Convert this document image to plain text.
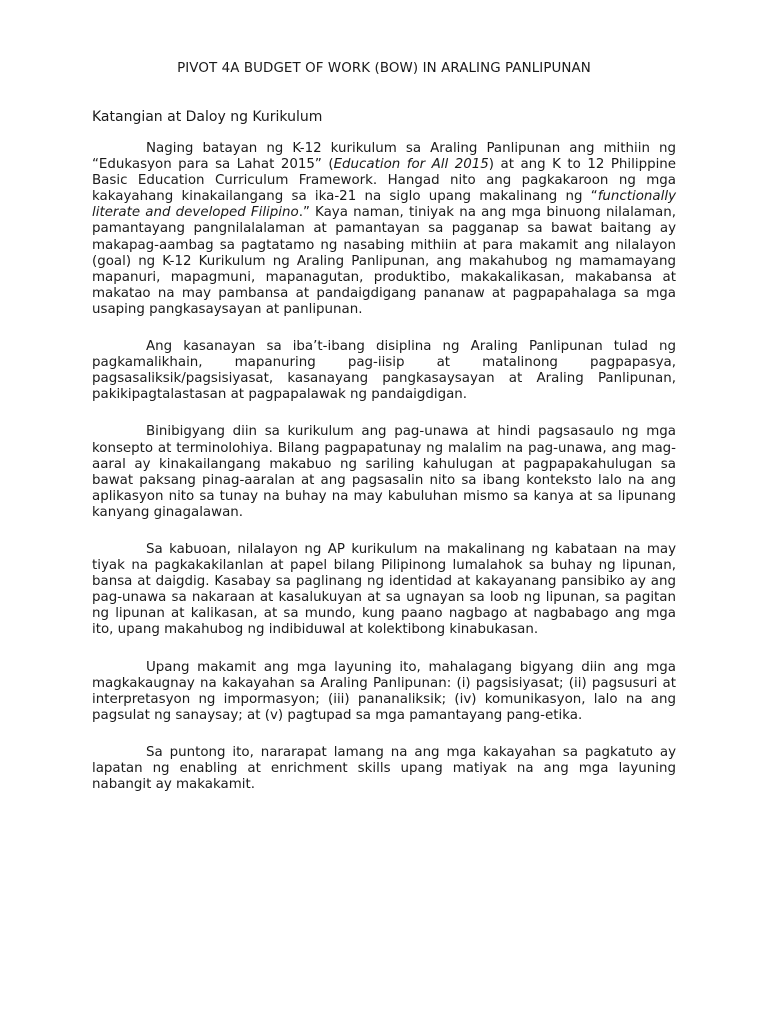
PIVOT 4A BUDGET OF WORK (BOW) IN ARALING PANLIPUNAN
Katangian at Daloy ng Kurikulum

Naging batayan ng K-12 kurikulum sa Araling Panlipunan ang mithiin ng “Edukasyon para sa Lahat 2015” (Education for All 2015) at ang K to 12 Philippine Basic Education Curriculum Framework. Hangad nito ang pagkakaroon ng mga kakayahang kinakailangang sa ika-21 na siglo upang makalinang ng “functionally literate and developed Filipino.” Kaya naman, tiniyak na ang mga binuong nilalaman, pamantayang pangnilalalaman at pamantayan sa pagganap sa bawat baitang ay makapag-aambag sa pagtatamo ng nasabing mithiin at para makamit ang nilalayon (goal) ng K-12 Kurikulum ng Araling Panlipunan, ang makahubog ng mamamayang mapanuri, mapagmuni, mapanagutan, produktibo, makakalikasan, makabansa at makatao na may pambansa at pandaigdigang pananaw at pagpapahalaga sa mga usaping pangkasaysayan at panlipunan.

Ang kasanayan sa iba’t-ibang disiplina ng Araling Panlipunan tulad ng pagkamalikhain, mapanuring pag-iisip at matalinong pagpapasya, pagsasaliksik/pagsisiyasat, kasanayang pangkasaysayan at Araling Panlipunan, pakikipagtalastasan at pagpapalawak ng pandaigdigan.

Binibigyang diin sa kurikulum ang pag-unawa at hindi pagsasaulo ng mga konsepto at terminolohiya. Bilang pagpapatunay ng malalim na pag-unawa, ang mag-aaral ay kinakailangang makabuo ng sariling kahulugan at pagpapakahulugan sa bawat paksang pinag-aaralan at ang pagsasalin nito sa ibang konteksto lalo na ang aplikasyon nito sa tunay na buhay na may kabuluhan mismo sa kanya at sa lipunang kanyang ginagalawan.

Sa kabuoan, nilalayon ng AP kurikulum na makalinang ng kabataan na may tiyak na pagkakakilanlan at papel bilang Pilipinong lumalahok sa buhay ng lipunan, bansa at daigdig. Kasabay sa paglinang ng identidad at kakayanang pansibiko ay ang pag-unawa sa nakaraan at kasalukuyan at sa ugnayan sa loob ng lipunan, sa pagitan ng lipunan at kalikasan, at sa mundo, kung paano nagbago at nagbabago ang mga ito, upang makahubog ng indibiduwal at kolektibong kinabukasan.

Upang makamit ang mga layuning ito, mahalagang bigyang diin ang mga magkakaugnay na kakayahan sa Araling Panlipunan: (i) pagsisiyasat; (ii) pagsusuri at interpretasyon ng impormasyon; (iii) pananaliksik; (iv) komunikasyon, lalo na ang pagsulat ng sanaysay; at (v) pagtupad sa mga pamantayang pang-etika.

Sa puntong ito, nararapat lamang na ang mga kakayahan sa pagkatuto ay lapatan ng enabling at enrichment skills upang matiyak na ang mga layuning nabangit ay makakamit.
